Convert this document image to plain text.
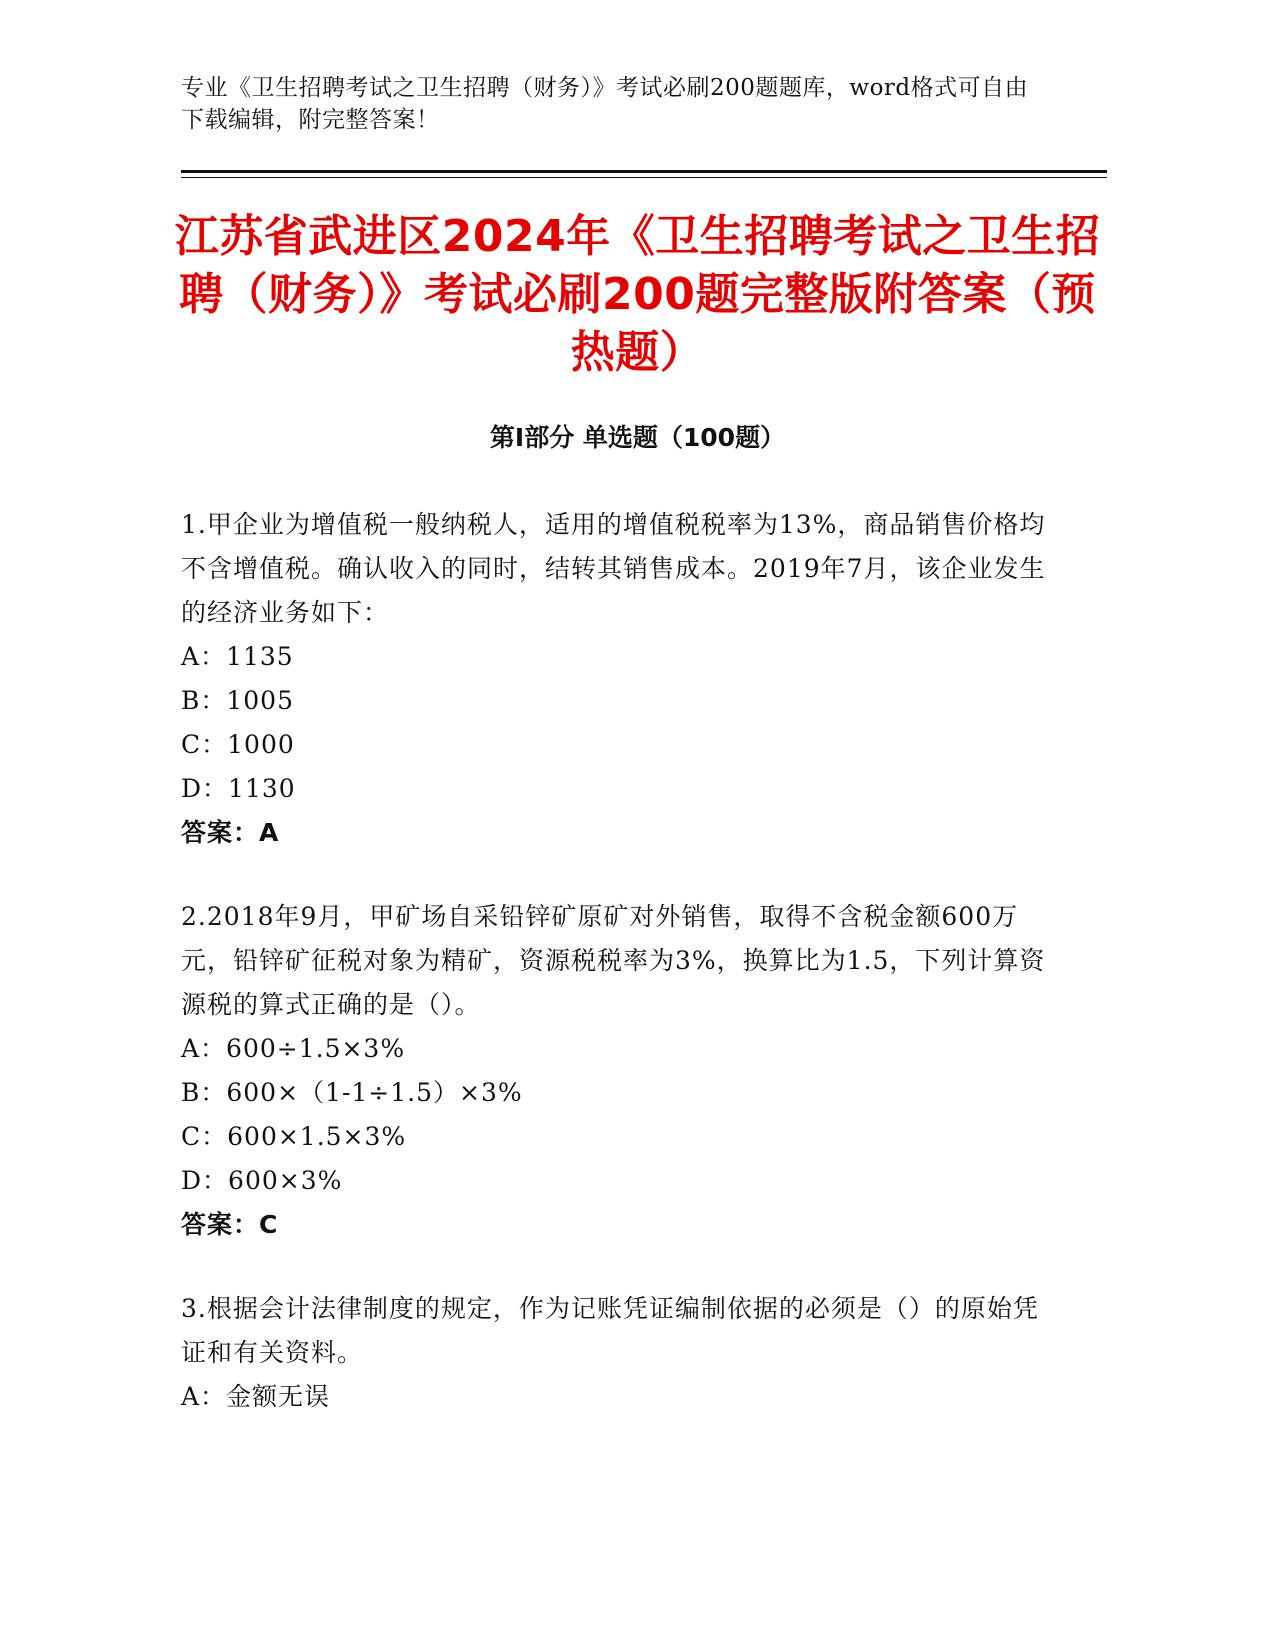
专业《卫生招聘考试之卫生招聘（财务）》考试必刷200题题库，word格式可自由下载编辑，附完整答案！
江苏省武进区2024年《卫生招聘考试之卫生招聘（财务）》考试必刷200题完整版附答案（预热题）
第I部分 单选题（100题）

1.甲企业为增值税一般纳税人，适用的增值税税率为13%，商品销售价格均不含增值税。确认收入的同时，结转其销售成本。2019年7月，该企业发生的经济业务如下：

A：1135

B：1005

C：1000

D：1130

答案：A

2.2018年9月，甲矿场自采铅锌矿原矿对外销售，取得不含税金额600万元，铅锌矿征税对象为精矿，资源税税率为3%，换算比为1.5，下列计算资源税的算式正确的是（）。

A：600÷1.5×3%

B：600×（1-1÷1.5）×3%

C：600×1.5×3%

D：600×3%

答案：C

3.根据会计法律制度的规定，作为记账凭证编制依据的必须是（）的原始凭证和有关资料。

A：金额无误
